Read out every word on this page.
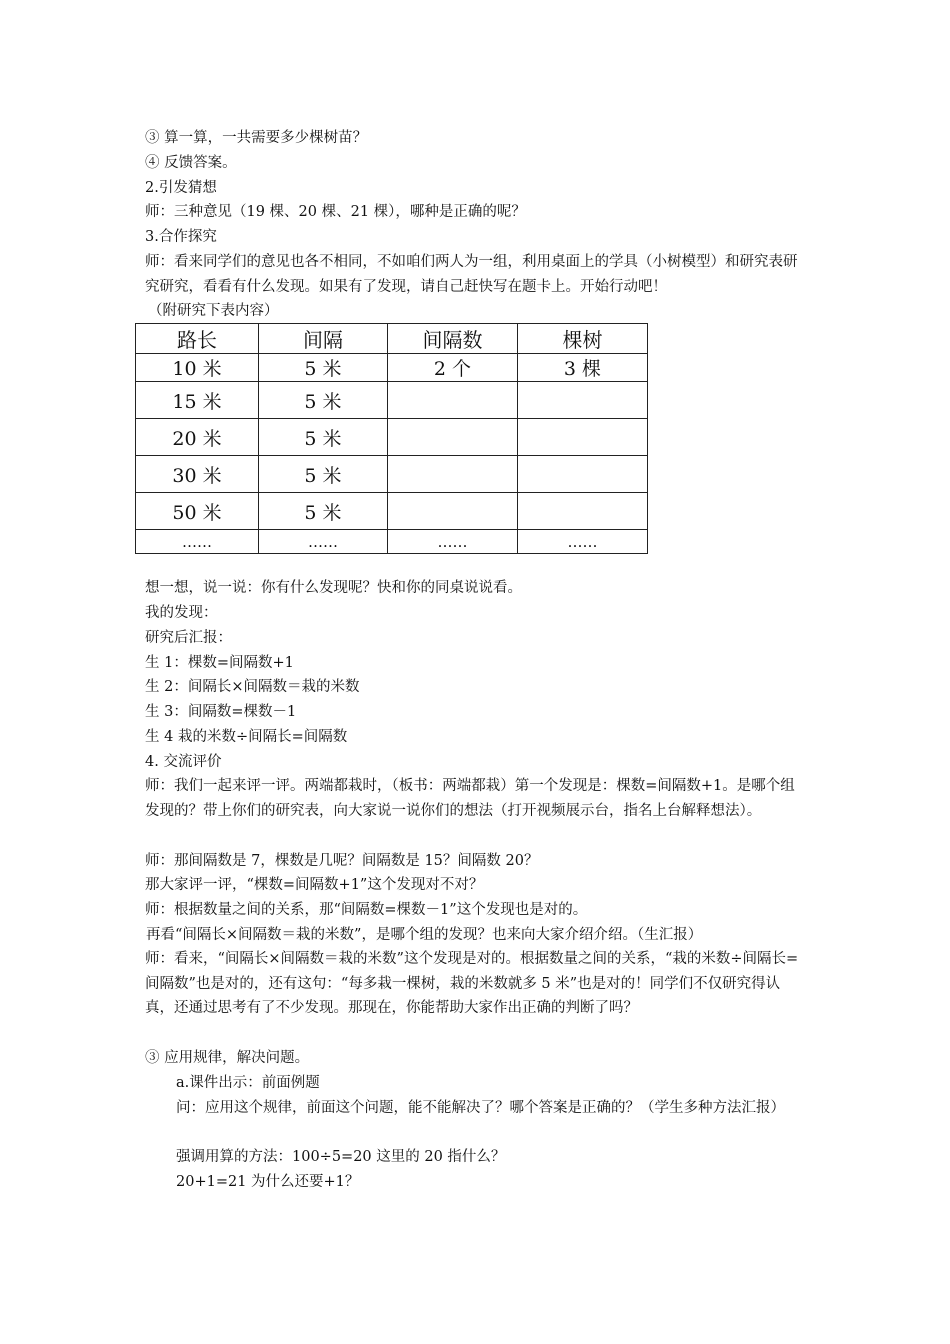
③ 算一算，一共需要多少棵树苗？
④ 反馈答案。
2.引发猜想
师：三种意见（19 棵、20 棵、21 棵），哪种是正确的呢？
3.合作探究
师：看来同学们的意见也各不相同，不如咱们两人为一组，利用桌面上的学具（小树模型）和研究表研究研究，看看有什么发现。如果有了发现，请自己赶快写在题卡上。开始行动吧！
（附研究下表内容）
路长	间隔	间隔数	棵树
10 米	5 米	2 个	3 棵
15 米	5 米		
20 米	5 米		
30 米	5 米		
50 米	5 米		
……	……	……	……
想一想，说一说：你有什么发现呢？快和你的同桌说说看。
我的发现：
研究后汇报：
生 1：棵数=间隔数+1
生 2：间隔长×间隔数＝栽的米数
生 3：间隔数=棵数－1
生 4 栽的米数÷间隔长=间隔数
4. 交流评价
师：我们一起来评一评。两端都栽时，（板书：两端都栽）第一个发现是：棵数=间隔数+1。是哪个组发现的？带上你们的研究表，向大家说一说你们的想法（打开视频展示台，指名上台解释想法）。
师：那间隔数是 7，棵数是几呢？间隔数是 15？间隔数 20？
那大家评一评，“棵数=间隔数+1”这个发现对不对？
师：根据数量之间的关系，那“间隔数=棵数－1”这个发现也是对的。
再看“间隔长×间隔数＝栽的米数”，是哪个组的发现？也来向大家介绍介绍。（生汇报）
师：看来，“间隔长×间隔数＝栽的米数”这个发现是对的。根据数量之间的关系，“栽的米数÷间隔长=间隔数”也是对的，还有这句：“每多栽一棵树，栽的米数就多 5 米”也是对的！同学们不仅研究得认真，还通过思考有了不少发现。那现在，你能帮助大家作出正确的判断了吗？
③ 应用规律，解决问题。
a.课件出示：前面例题
问：应用这个规律，前面这个问题，能不能解决了？哪个答案是正确的？（学生多种方法汇报）
强调用算的方法：100÷5=20 这里的 20 指什么？
20+1=21 为什么还要+1？
